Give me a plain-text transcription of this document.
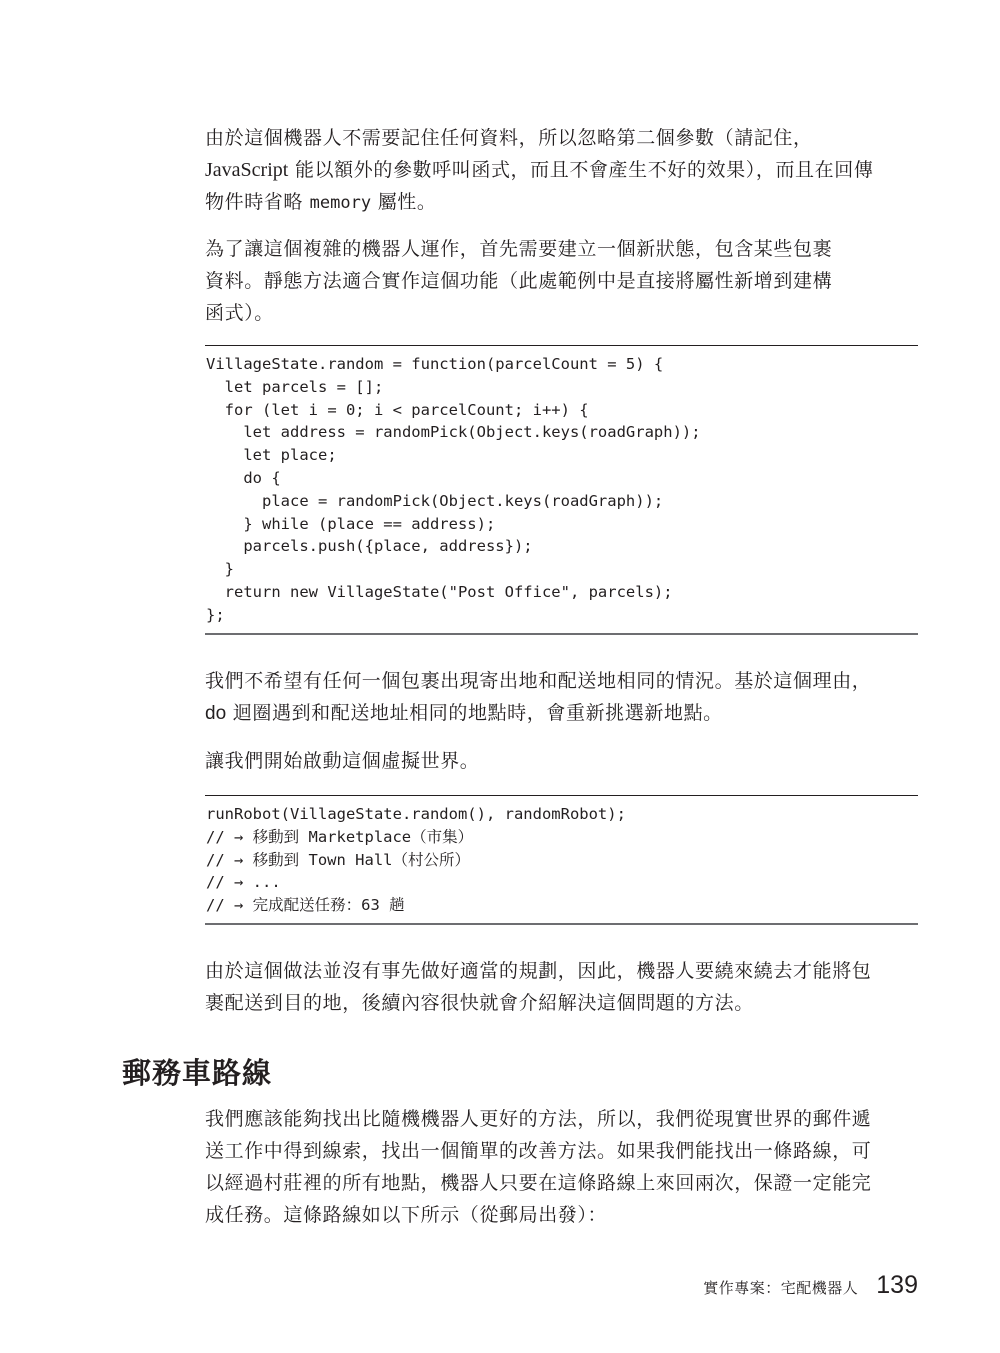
由於這個機器人不需要記住任何資料，所以忽略第二個參數（請記住，
JavaScript 能以額外的參數呼叫函式，而且不會產生不好的效果），而且在回傳
物件時省略 memory 屬性。

為了讓這個複雜的機器人運作，首先需要建立一個新狀態，包含某些包裹
資料。靜態方法適合實作這個功能（此處範例中是直接將屬性新增到建構
函式）。

VillageState.random = function(parcelCount = 5) {
let parcels = [];
for (let i = 0; i < parcelCount; i++) {
let address = randomPick(Object.keys(roadGraph));
let place;
do {
place = randomPick(Object.keys(roadGraph));
} while (place == address);
parcels.push({place, address});
}
return new VillageState("Post Office", parcels);
};

我們不希望有任何一個包裹出現寄出地和配送地相同的情況。基於這個理由，
do 迴圈遇到和配送地址相同的地點時，會重新挑選新地點。

讓我們開始啟動這個虛擬世界。

runRobot(VillageState.random(), randomRobot);
// → 移動到 Marketplace（市集）
// → 移動到 Town Hall（村公所）
// → ...
// → 完成配送任務：63 趟

由於這個做法並沒有事先做好適當的規劃，因此，機器人要繞來繞去才能將包
裹配送到目的地，後續內容很快就會介紹解決這個問題的方法。

郵務車路線

我們應該能夠找出比隨機機器人更好的方法，所以，我們從現實世界的郵件遞
送工作中得到線索，找出一個簡單的改善方法。如果我們能找出一條路線，可
以經過村莊裡的所有地點，機器人只要在這條路線上來回兩次，保證一定能完
成任務。這條路線如以下所示（從郵局出發）：

實作專案：宅配機器人 139
